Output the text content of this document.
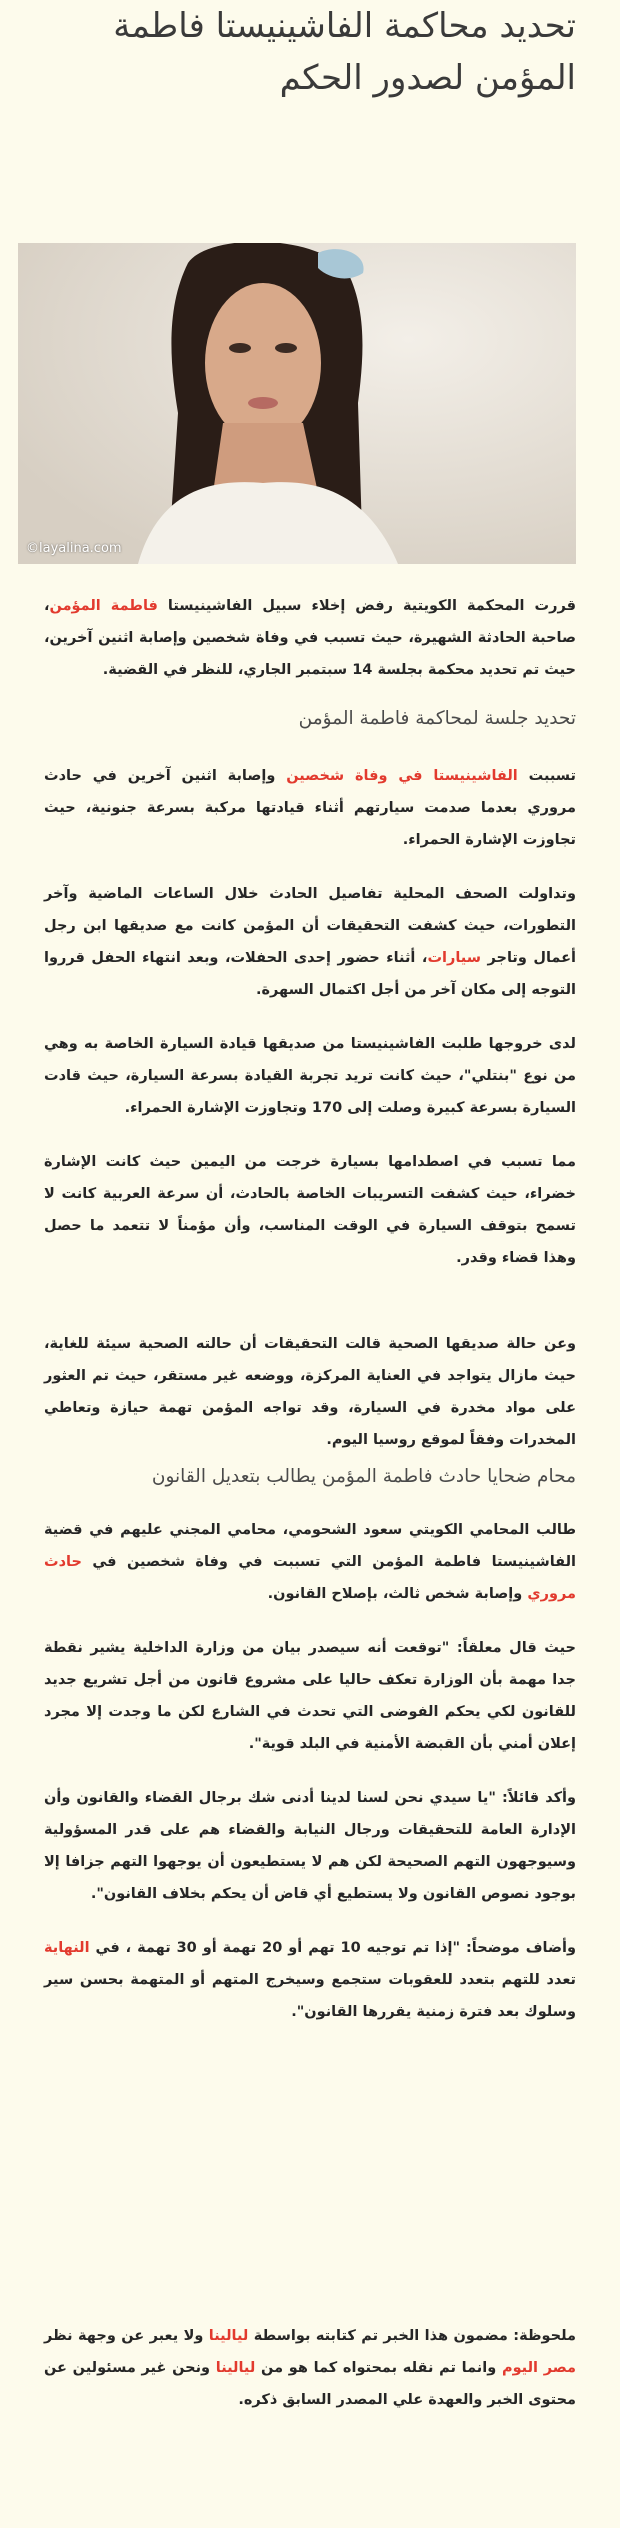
تحديد محاكمة الفاشينيستا فاطمة المؤمن لصدور الحكم
©layalina.com

قررت المحكمة الكويتية رفض إخلاء سبيل الفاشينيستا فاطمة المؤمن، صاحبة الحادثة الشهيرة، حيث تسبب في وفاة شخصين وإصابة اثنين آخرين، حيث تم تحديد محكمة بجلسة 14 سبتمبر الجاري، للنظر في القضية.

تحديد جلسة لمحاكمة فاطمة المؤمن

تسببت الفاشينيستا في وفاة شخصين وإصابة اثنين آخرين في حادث مروري بعدما صدمت سيارتهم أثناء قيادتها مركبة بسرعة جنونية، حيث تجاوزت الإشارة الحمراء.

وتداولت الصحف المحلية تفاصيل الحادث خلال الساعات الماضية وآخر التطورات، حيث كشفت التحقيقات أن المؤمن كانت مع صديقها ابن رجل أعمال وتاجر سيارات، أثناء حضور إحدى الحفلات، وبعد انتهاء الحفل قرروا التوجه إلى مكان آخر من أجل اكتمال السهرة.

لدى خروجها طلبت الفاشينيستا من صديقها قيادة السيارة الخاصة به وهي من نوع "بنتلي"، حيث كانت تريد تجربة القيادة بسرعة السيارة، حيث قادت السيارة بسرعة كبيرة وصلت إلى 170 وتجاوزت الإشارة الحمراء.

مما تسبب في اصطدامها بسيارة خرجت من اليمين حيث كانت الإشارة خضراء، حيث كشفت التسريبات الخاصة بالحادث، أن سرعة العربية كانت لا تسمح بتوقف السيارة في الوقت المناسب، وأن مؤمناً لا تتعمد ما حصل وهذا قضاء وقدر.

وعن حالة صديقها الصحية قالت التحقيقات أن حالته الصحية سيئة للغاية، حيث مازال يتواجد في العناية المركزة، ووضعه غير مستقر، حيث تم العثور على مواد مخدرة في السيارة، وقد تواجه المؤمن تهمة حيازة وتعاطي المخدرات وفقاً لموقع روسيا اليوم.

محام ضحايا حادث فاطمة المؤمن يطالب بتعديل القانون

طالب المحامي الكويتي سعود الشحومي، محامي المجني عليهم في قضية الفاشينيستا فاطمة المؤمن التي تسببت في وفاة شخصين في حادث مروري وإصابة شخص ثالث، بإصلاح القانون.

حيث قال معلقاً: "توقعت أنه سيصدر بيان من وزارة الداخلية يشير نقطة جدا مهمة بأن الوزارة تعكف حاليا على مشروع قانون من أجل تشريع جديد للقانون لكي يحكم الفوضى التي تحدث في الشارع لكن ما وجدت إلا مجرد إعلان أمني بأن القبضة الأمنية في البلد قوية".

وأكد قائلاً: "يا سيدي نحن لسنا لدينا أدنى شك برجال القضاء والقانون وأن الإدارة العامة للتحقيقات ورجال النيابة والقضاء هم على قدر المسؤولية وسيوجهون التهم الصحيحة لكن هم لا يستطيعون أن يوجهوا التهم جزافا إلا بوجود نصوص القانون ولا يستطيع أي قاض أن يحكم بخلاف القانون".

وأضاف موضحاً: "إذا تم توجيه 10 تهم أو 20 تهمة أو 30 تهمة ، في النهاية تعدد للتهم بتعدد للعقوبات ستجمع وسيخرج المتهم أو المتهمة بحسن سير وسلوك بعد فترة زمنية يقررها القانون".

ملحوظة: مضمون هذا الخبر تم كتابته بواسطة ليالينا ولا يعبر عن وجهة نظر مصر اليوم وانما تم نقله بمحتواه كما هو من ليالينا ونحن غير مسئولين عن محتوى الخبر والعهدة علي المصدر السابق ذكره.
